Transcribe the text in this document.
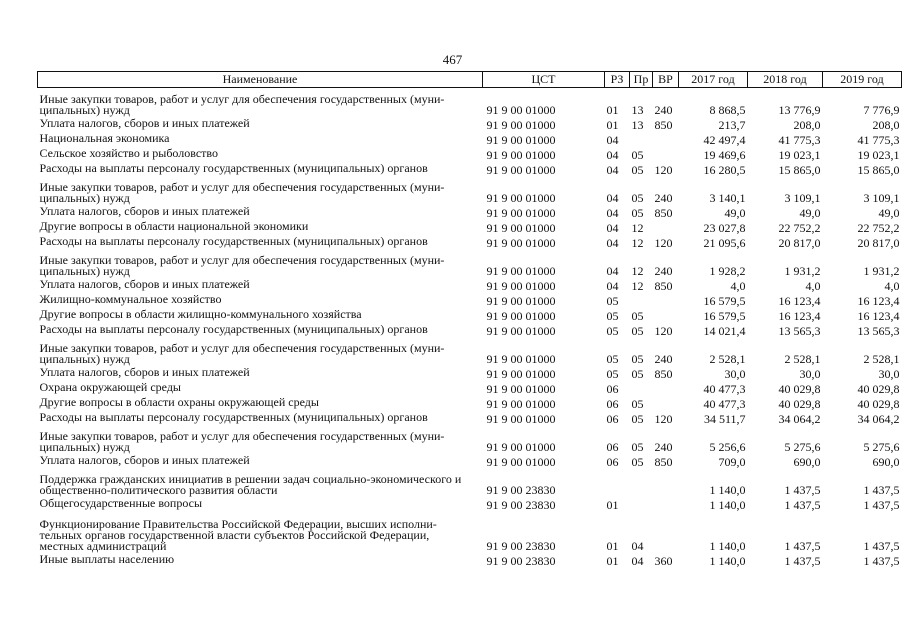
467
Наименование	ЦСТ	РЗ	Пр	ВР	2017 год	2018 год	2019 год
Иные закупки товаров, работ и услуг для обеспечения государственных (муни-ципальных) нужд	91 9 00 01000	01	13	240	8 868,5	13 776,9	7 776,9
Уплата налогов, сборов и иных платежей	91 9 00 01000	01	13	850	213,7	208,0	208,0
Национальная экономика	91 9 00 01000	04			42 497,4	41 775,3	41 775,3
Сельское хозяйство и рыболовство	91 9 00 01000	04	05		19 469,6	19 023,1	19 023,1
Расходы на выплаты персоналу государственных (муниципальных) органов	91 9 00 01000	04	05	120	16 280,5	15 865,0	15 865,0
Иные закупки товаров, работ и услуг для обеспечения государственных (муни-ципальных) нужд	91 9 00 01000	04	05	240	3 140,1	3 109,1	3 109,1
Уплата налогов, сборов и иных платежей	91 9 00 01000	04	05	850	49,0	49,0	49,0
Другие вопросы в области национальной экономики	91 9 00 01000	04	12		23 027,8	22 752,2	22 752,2
Расходы на выплаты персоналу государственных (муниципальных) органов	91 9 00 01000	04	12	120	21 095,6	20 817,0	20 817,0
Иные закупки товаров, работ и услуг для обеспечения государственных (муни-ципальных) нужд	91 9 00 01000	04	12	240	1 928,2	1 931,2	1 931,2
Уплата налогов, сборов и иных платежей	91 9 00 01000	04	12	850	4,0	4,0	4,0
Жилищно-коммунальное хозяйство	91 9 00 01000	05			16 579,5	16 123,4	16 123,4
Другие вопросы в области жилищно-коммунального хозяйства	91 9 00 01000	05	05		16 579,5	16 123,4	16 123,4
Расходы на выплаты персоналу государственных (муниципальных) органов	91 9 00 01000	05	05	120	14 021,4	13 565,3	13 565,3
Иные закупки товаров, работ и услуг для обеспечения государственных (муни-ципальных) нужд	91 9 00 01000	05	05	240	2 528,1	2 528,1	2 528,1
Уплата налогов, сборов и иных платежей	91 9 00 01000	05	05	850	30,0	30,0	30,0
Охрана окружающей среды	91 9 00 01000	06			40 477,3	40 029,8	40 029,8
Другие вопросы в области охраны окружающей среды	91 9 00 01000	06	05		40 477,3	40 029,8	40 029,8
Расходы на выплаты персоналу государственных (муниципальных) органов	91 9 00 01000	06	05	120	34 511,7	34 064,2	34 064,2
Иные закупки товаров, работ и услуг для обеспечения государственных (муни-ципальных) нужд	91 9 00 01000	06	05	240	5 256,6	5 275,6	5 275,6
Уплата налогов, сборов и иных платежей	91 9 00 01000	06	05	850	709,0	690,0	690,0
Поддержка гражданских инициатив в решении задач социально-экономического и общественно-политического развития области	91 9 00 23830				1 140,0	1 437,5	1 437,5
Общегосударственные вопросы	91 9 00 23830	01			1 140,0	1 437,5	1 437,5
Функционирование Правительства Российской Федерации, высших исполни-тельных органов государственной власти субъектов Российской Федерации, местных администраций	91 9 00 23830	01	04		1 140,0	1 437,5	1 437,5
Иные выплаты населению	91 9 00 23830	01	04	360	1 140,0	1 437,5	1 437,5
